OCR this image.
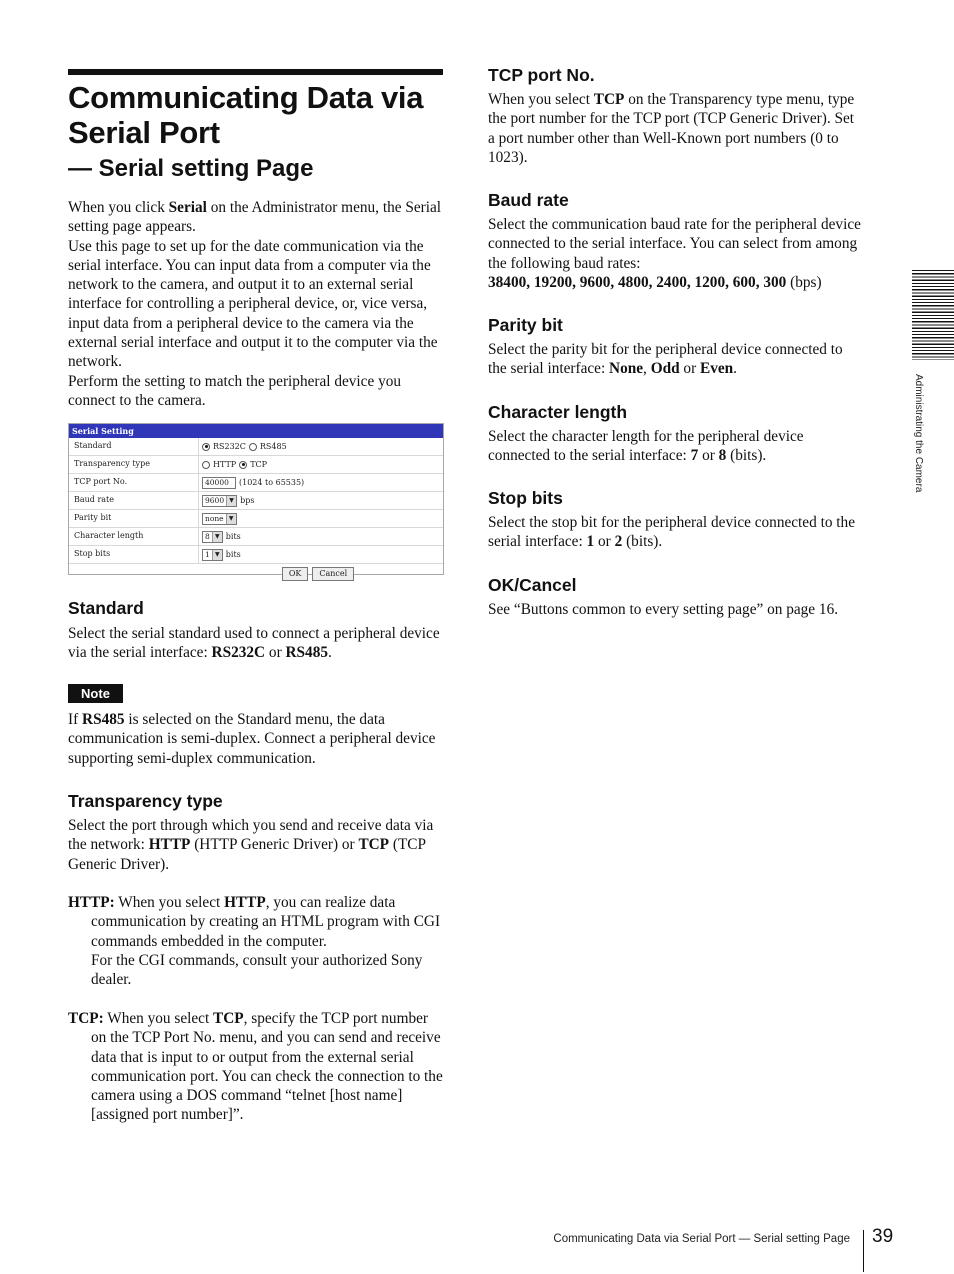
Communicating Data via Serial Port
— Serial setting Page

When you click Serial on the Administrator menu, the Serial setting page appears.

Use this page to set up for the date communication via the serial interface. You can input data from a computer via the network to the camera, and output it to an external serial interface for controlling a peripheral device, or, vice versa, input data from a peripheral device to the camera via the external serial interface and output it to the computer via the network.

Perform the setting to match the peripheral device you connect to the camera.

Serial Setting
Standard	RS232C RS485
Transparency type	HTTP TCP
TCP port No.	40000	(1024 to 65535)
Baud rate	9600 ▼ bps
Parity bit	none ▼
Character length	8 ▼ bits
Stop bits	1 ▼ bits
OK	Cancel
Standard

Select the serial standard used to connect a peripheral device via the serial interface: RS232C or RS485.

Note

If RS485 is selected on the Standard menu, the data communication is semi-duplex. Connect a peripheral device supporting semi-duplex communication.

Transparency type

Select the port through which you send and receive data via the network: HTTP (HTTP Generic Driver) or TCP (TCP Generic Driver).

HTTP: When you select HTTP, you can realize data communication by creating an HTML program with CGI commands embedded in the computer.

For the CGI commands, consult your authorized Sony dealer.

TCP: When you select TCP, specify the TCP port number on the TCP Port No. menu, and you can send and receive data that is input to or output from the external serial communication port. You can check the connection to the camera using a DOS command “telnet [host name] [assigned port number]”.

TCP port No.

When you select TCP on the Transparency type menu, type the port number for the TCP port (TCP Generic Driver). Set a port number other than Well-Known port numbers (0 to 1023).

Baud rate

Select the communication baud rate for the peripheral device connected to the serial interface. You can select from among the following baud rates:

38400, 19200, 9600, 4800, 2400, 1200, 600, 300 (bps)

Parity bit

Select the parity bit for the peripheral device connected to the serial interface: None, Odd or Even.

Character length

Select the character length for the peripheral device connected to the serial interface: 7 or 8 (bits).

Stop bits

Select the stop bit for the peripheral device connected to the serial interface: 1 or 2 (bits).

OK/Cancel

See “Buttons common to every setting page” on page 16.

Administrating the Camera
Communicating Data via Serial Port — Serial setting Page 39
